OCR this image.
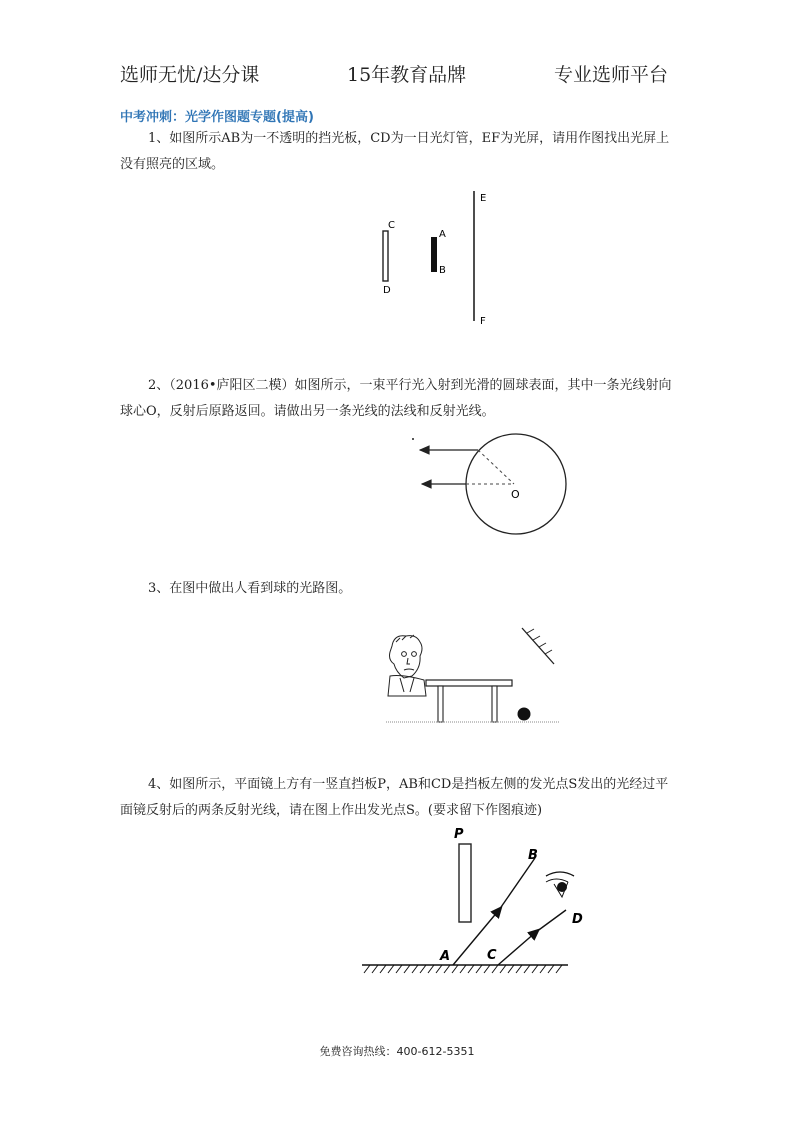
选师无忧/达分课	15年教育品牌	专业选师平台
中考冲刺：光学作图题专题(提高)
1、如图所示AB为一不透明的挡光板，CD为一日光灯管，EF为光屏，请用作图找出光屏上没有照亮的区域。
C
D
A
B
E
F
2、（2016•庐阳区二模）如图所示，一束平行光入射到光滑的圆球表面，其中一条光线射向球心O，反射后原路返回。请做出另一条光线的法线和反射光线。
O
3、在图中做出人看到球的光路图。
4、如图所示，平面镜上方有一竖直挡板P，AB和CD是挡板左侧的发光点S发出的光经过平面镜反射后的两条反射光线，请在图上作出发光点S。(要求留下作图痕迹)
P
A
B
C
D
免费咨询热线：400-612-5351
